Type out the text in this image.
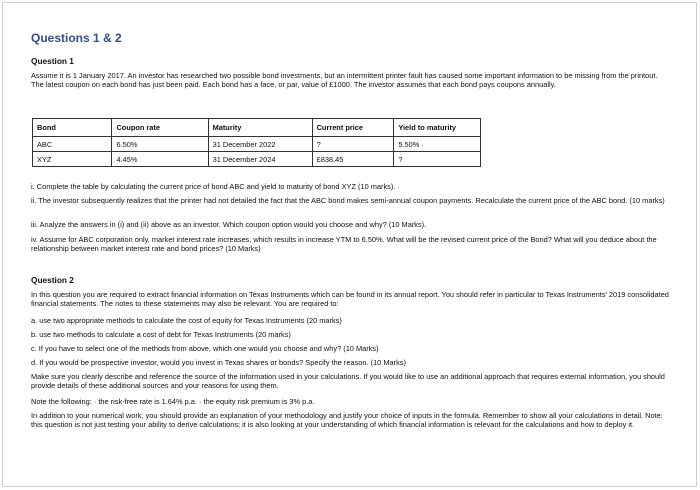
Questions 1 & 2
Question 1

Assume it is 1 January 2017. An investor has researched two possible bond investments, but an intermittent printer fault has caused some important information to be missing from the printout. The latest coupon on each bond has just been paid. Each bond has a face, or par, value of £1000. The investor assumes that each bond pays coupons annually.

Bond	Coupon rate	Maturity	Current price	Yield to maturity
ABC	6.50%	31 December 2022	?	5.50% ·
XYZ	4.45%	31 December 2024	£838.45	?

i. Complete the table by calculating the current price of bond ABC and yield to maturity of bond XYZ (10 marks). ·

ii. The investor subsequently realizes that the printer had not detailed the fact that the ABC bond makes semi-annual coupon payments. Recalculate the current price of the ABC bond. (10 marks)

iii. Analyze the answers in (i) and (ii) above as an investor. Which coupon option would you choose and why? (10 Marks).

iv. Assume for ABC corporation only, market interest rate increases, which results in increase YTM to 6.50%. What will be the revised current price of the Bond? What will you deduce about the relationship between market interest rate and bond prices? (10 Marks)

Question 2

In this question you are required to extract financial information on Texas Instruments which can be found in its annual report. You should refer in particular to Texas Instruments' 2019 consolidated financial statements. The notes to these statements may also be relevant. You are required to:

a. use two appropriate methods to calculate the cost of equity for Texas Instruments (20 marks)

b. use two methods to calculate a cost of debt for Texas Instruments (20 marks)

c. If you have to select one of the methods from above, which one would you choose and why? (10 Marks)

d. If you would be prospective investor, would you invest in Texas shares or bonds? Specify the reason. (10 Marks)

Make sure you clearly describe and reference the source of the information used in your calculations. If you would like to use an additional approach that requires external information, you should provide details of these additional sources and your reasons for using them.

Note the following: · the risk-free rate is 1.64% p.a. · the equity risk premium is 3% p.a.

In addition to your numerical work, you should provide an explanation of your methodology and justify your choice of inputs in the formula. Remember to show all your calculations in detail. Note: this question is not just testing your ability to derive calculations; it is also looking at your understanding of which financial information is relevant for the calculations and how to deploy it.
